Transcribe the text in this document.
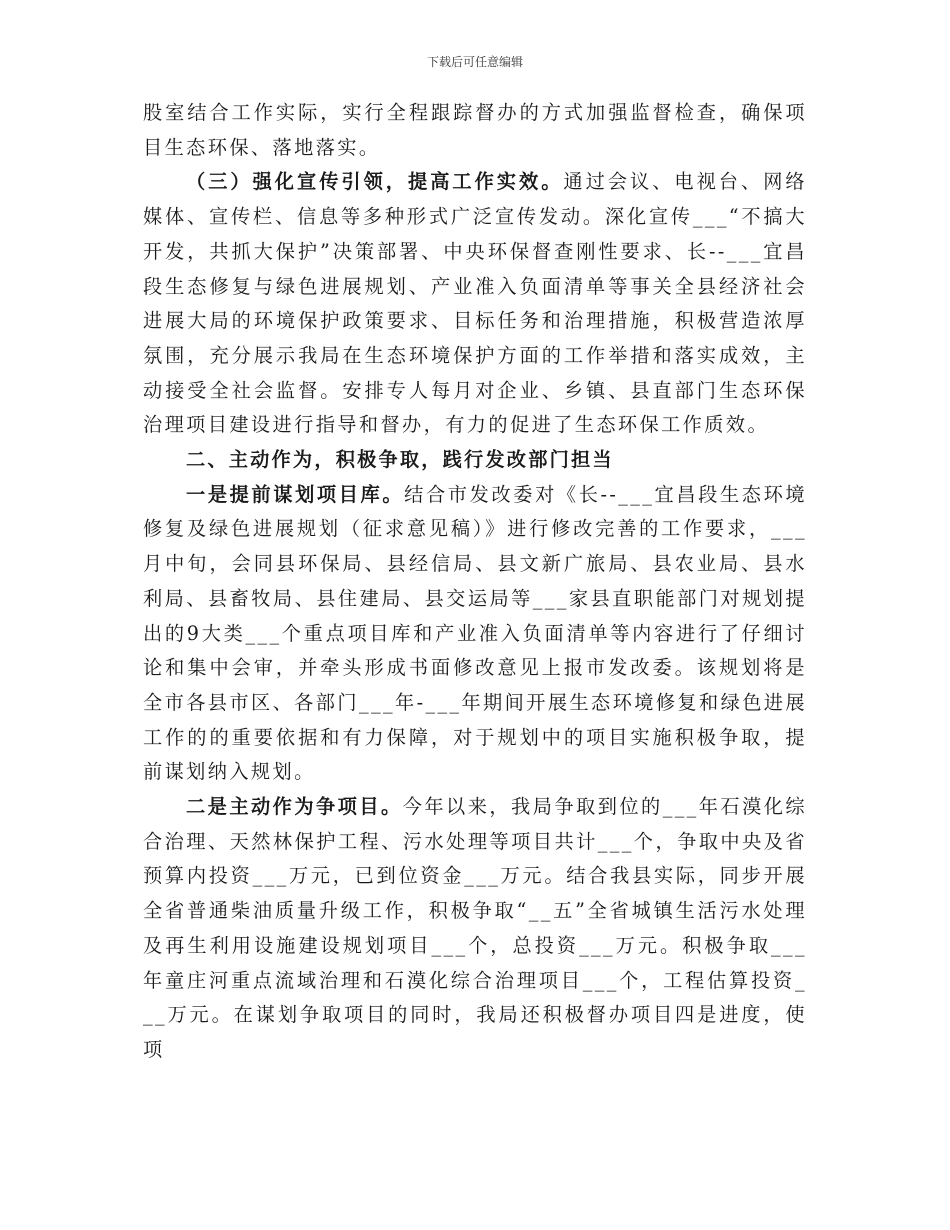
下载后可任意编辑

股室结合工作实际，实行全程跟踪督办的方式加强监督检查，确保项目生态环保、落地落实。

（三）强化宣传引领，提高工作实效。通过会议、电视台、网络媒体、宣传栏、信息等多种形式广泛宣传发动。深化宣传___“不搞大开发，共抓大保护”决策部署、中央环保督查刚性要求、长--___宜昌段生态修复与绿色进展规划、产业准入负面清单等事关全县经济社会进展大局的环境保护政策要求、目标任务和治理措施，积极营造浓厚氛围，充分展示我局在生态环境保护方面的工作举措和落实成效，主动接受全社会监督。安排专人每月对企业、乡镇、县直部门生态环保治理项目建设进行指导和督办，有力的促进了生态环保工作质效。

二、主动作为，积极争取，践行发改部门担当

一是提前谋划项目库。结合市发改委对《长--___宜昌段生态环境修复及绿色进展规划（征求意见稿）》进行修改完善的工作要求，___月中旬，会同县环保局、县经信局、县文新广旅局、县农业局、县水利局、县畜牧局、县住建局、县交运局等___家县直职能部门对规划提出的9大类___个重点项目库和产业准入负面清单等内容进行了仔细讨论和集中会审，并牵头形成书面修改意见上报市发改委。该规划将是全市各县市区、各部门___年-___年期间开展生态环境修复和绿色进展工作的的重要依据和有力保障，对于规划中的项目实施积极争取，提前谋划纳入规划。

二是主动作为争项目。今年以来，我局争取到位的___年石漠化综合治理、天然林保护工程、污水处理等项目共计___个，争取中央及省预算内投资___万元，已到位资金___万元。结合我县实际，同步开展全省普通柴油质量升级工作，积极争取“__五”全省城镇生活污水处理及再生利用设施建设规划项目___个，总投资___万元。积极争取___年童庄河重点流域治理和石漠化综合治理项目___个，工程估算投资___万元。在谋划争取项目的同时，我局还积极督办项目四是进度，使项
